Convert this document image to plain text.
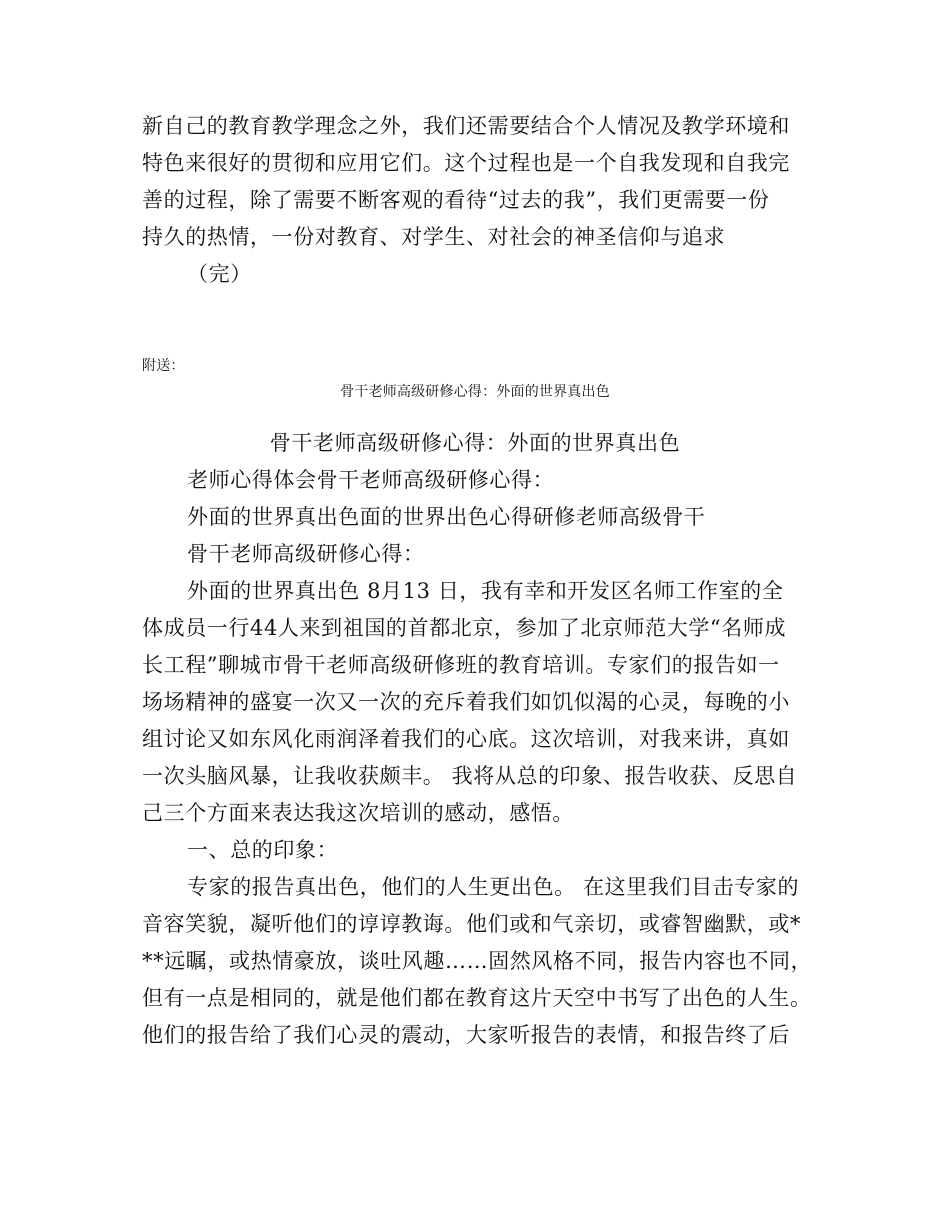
新自己的教育教学理念之外，我们还需要结合个人情况及教学环境和
特色来很好的贯彻和应用它们。这个过程也是一个自我发现和自我完
善的过程，除了需要不断客观的看待“过去的我”，我们更需要一份
持久的热情，一份对教育、对学生、对社会的神圣信仰与追求
（完）
附送：
骨干老师高级研修心得：外面的世界真出色
骨干老师高级研修心得：外面的世界真出色
老师心得体会骨干老师高级研修心得：
外面的世界真出色面的世界出色心得研修老师高级骨干
骨干老师高级研修心得：
外面的世界真出色 8月13 日，我有幸和开发区名师工作室的全
体成员一行44人来到祖国的首都北京，参加了北京师范大学“名师成
长工程”聊城市骨干老师高级研修班的教育培训。专家们的报告如一
场场精神的盛宴一次又一次的充斥着我们如饥似渴的心灵，每晚的小
组讨论又如东风化雨润泽着我们的心底。这次培训，对我来讲，真如
一次头脑风暴，让我收获颇丰。 我将从总的印象、报告收获、反思自
己三个方面来表达我这次培训的感动，感悟。
一、总的印象：
专家的报告真出色，他们的人生更出色。 在这里我们目击专家的
音容笑貌，凝听他们的谆谆教诲。他们或和气亲切，或睿智幽默，或*
**远瞩，或热情豪放，谈吐风趣……固然风格不同，报告内容也不同，
但有一点是相同的，就是他们都在教育这片天空中书写了出色的人生。
他们的报告给了我们心灵的震动，大家听报告的表情，和报告终了后
